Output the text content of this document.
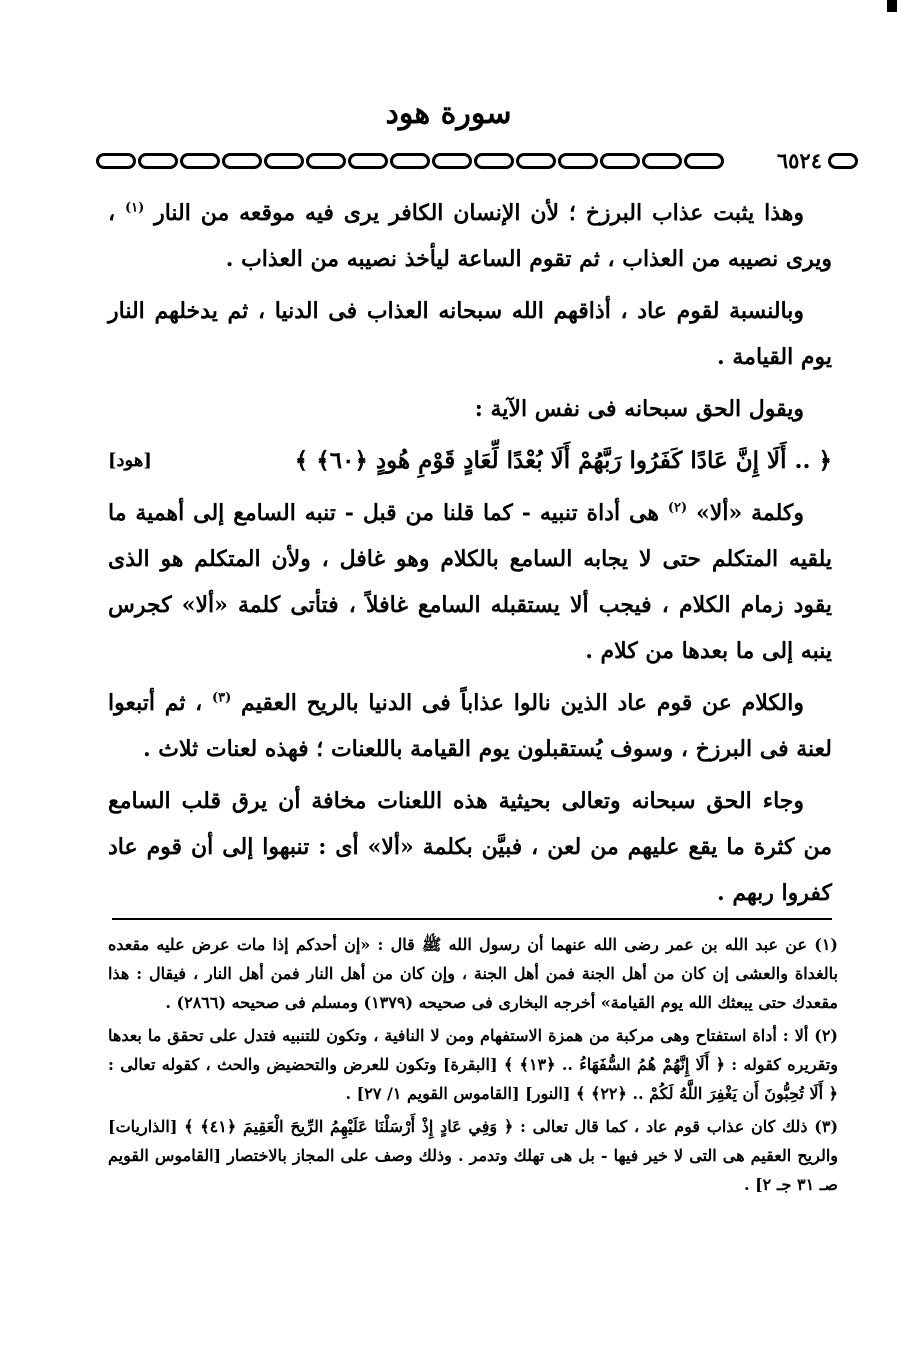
سورة هود
٦٥٢٤

وهذا يثبت عذاب البرزخ ؛ لأن الإنسان الكافر يرى فيه موقعه من النار $^{(١)}$ ، ويرى نصيبه من العذاب ، ثم تقوم الساعة ليأخذ نصيبه من العذاب .

وبالنسبة لقوم عاد ، أذاقهم الله سبحانه العذاب فى الدنيا ، ثم يدخلهم النار يوم القيامة .

ويقول الحق سبحانه فى نفس الآية :

﴿ .. أَلَا إِنَّ عَادًا كَفَرُوا رَبَّهُمْ أَلَا بُعْدًا لِّعَادٍ قَوْمِ هُودٍ ﴿٦٠﴾ ﴾
[هود]

وكلمة «ألا» $^{(٢)}$ هى أداة تنبيه - كما قلنا من قبل - تنبه السامع إلى أهمية ما يلقيه المتكلم حتى لا يجابه السامع بالكلام وهو غافل ، ولأن المتكلم هو الذى يقود زمام الكلام ، فيجب ألا يستقبله السامع غافلاً ، فتأتى كلمة «ألا» كجرس ينبه إلى ما بعدها من كلام .

والكلام عن قوم عاد الذين نالوا عذاباً فى الدنيا بالريح العقيم $^{(٣)}$ ، ثم أتبعوا لعنة فى البرزخ ، وسوف يُستقبلون يوم القيامة باللعنات ؛ فهذه لعنات ثلاث .

وجاء الحق سبحانه وتعالى بحيثية هذه اللعنات مخافة أن يرق قلب السامع من كثرة ما يقع عليهم من لعن ، فبيَّن بكلمة «ألا» أى : تنبهوا إلى أن قوم عاد كفروا ربهم .

(١) عن عبد الله بن عمر رضى الله عنهما أن رسول الله ﷺ قال : «إن أحدكم إذا مات عرض عليه مقعده بالغداة والعشى إن كان من أهل الجنة فمن أهل الجنة ، وإن كان من أهل النار فمن أهل النار ، فيقال : هذا مقعدك حتى يبعثك الله يوم القيامة» أخرجه البخارى فى صحيحه (١٣٧٩) ومسلم فى صحيحه (٢٨٦٦) .

(٢) ألا : أداة استفتاح وهى مركبة من همزة الاستفهام ومن لا النافية ، وتكون للتنبيه فتدل على تحقق ما بعدها وتقريره كقوله : ﴿ أَلَا إِنَّهُمْ هُمُ السُّفَهَاءُ .. ﴿١٣﴾ ﴾ [البقرة] وتكون للعرض والتحضيض والحث ، كقوله تعالى : ﴿ أَلَا تُحِبُّونَ أَن يَغْفِرَ اللَّهُ لَكُمْ .. ﴿٢٢﴾ ﴾ [النور] [القاموس القويم ١/ ٢٧] .

(٣) ذلك كان عذاب قوم عاد ، كما قال تعالى : ﴿ وَفِي عَادٍ إِذْ أَرْسَلْنَا عَلَيْهِمُ الرِّيحَ الْعَقِيمَ ﴿٤١﴾ ﴾ [الذاريات] والريح العقيم هى التى لا خير فيها - بل هى تهلك وتدمر . وذلك وصف على المجاز بالاختصار [القاموس القويم صـ ٣١ جـ ٢] .
